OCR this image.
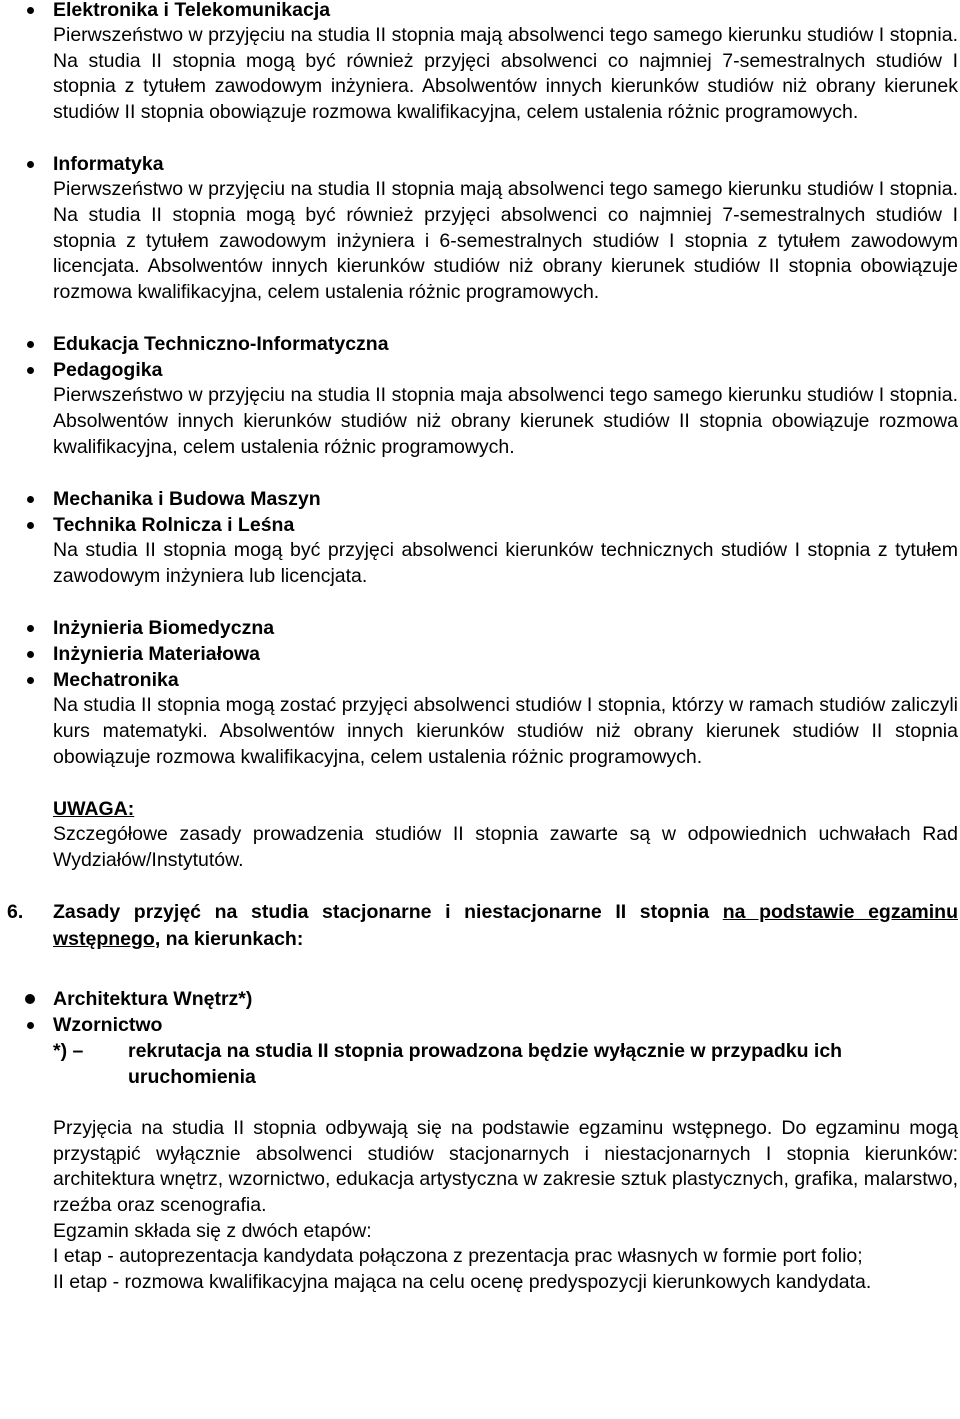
Elektronika i Telekomunikacja

Pierwszeństwo w przyjęciu na studia II stopnia mają absolwenci tego samego kierunku studiów I stopnia. Na studia II stopnia mogą być również przyjęci absolwenci co najmniej 7-semestralnych studiów I stopnia z tytułem zawodowym inżyniera. Absolwentów innych kierunków studiów niż obrany kierunek studiów II stopnia obowiązuje rozmowa kwalifikacyjna, celem ustalenia różnic programowych.

Informatyka

Pierwszeństwo w przyjęciu na studia II stopnia mają absolwenci tego samego kierunku studiów I stopnia. Na studia II stopnia mogą być również przyjęci absolwenci co najmniej 7-semestralnych studiów I stopnia z tytułem zawodowym inżyniera i 6-semestralnych studiów I stopnia z tytułem zawodowym licencjata. Absolwentów innych kierunków studiów niż obrany kierunek studiów II stopnia obowiązuje rozmowa kwalifikacyjna, celem ustalenia różnic programowych.

Edukacja Techniczno-Informatyczna
Pedagogika

Pierwszeństwo w przyjęciu na studia II stopnia maja absolwenci tego samego kierunku studiów I stopnia. Absolwentów innych kierunków studiów niż obrany kierunek studiów II stopnia obowiązuje rozmowa kwalifikacyjna, celem ustalenia różnic programowych.

Mechanika i Budowa Maszyn
Technika Rolnicza i Leśna

Na studia II stopnia mogą być przyjęci absolwenci kierunków technicznych studiów I stopnia z tytułem zawodowym inżyniera lub licencjata.

Inżynieria Biomedyczna
Inżynieria Materiałowa
Mechatronika

Na studia II stopnia mogą zostać przyjęci absolwenci studiów I stopnia, którzy w ramach studiów zaliczyli kurs matematyki. Absolwentów innych kierunków studiów niż obrany kierunek studiów II stopnia obowiązuje rozmowa kwalifikacyjna, celem ustalenia różnic programowych.

UWAGA:

Szczegółowe zasady prowadzenia studiów II stopnia zawarte są w odpowiednich uchwałach Rad Wydziałów/Instytutów.

6. Zasady przyjęć na studia stacjonarne i niestacjonarne II stopnia na podstawie egzaminu wstępnego, na kierunkach:
Architektura Wnętrz*)
Wzornictwo
*) – rekrutacja na studia II stopnia prowadzona będzie wyłącznie w przypadku ich uruchomienia

Przyjęcia na studia II stopnia odbywają się na podstawie egzaminu wstępnego. Do egzaminu mogą przystąpić wyłącznie absolwenci studiów stacjonarnych i niestacjonarnych I stopnia kierunków: architektura wnętrz, wzornictwo, edukacja artystyczna w zakresie sztuk plastycznych, grafika, malarstwo, rzeźba oraz scenografia.

Egzamin składa się z dwóch etapów:

I etap - autoprezentacja kandydata połączona z prezentacja prac własnych w formie port folio;

II etap - rozmowa kwalifikacyjna mająca na celu ocenę predyspozycji kierunkowych kandydata.
